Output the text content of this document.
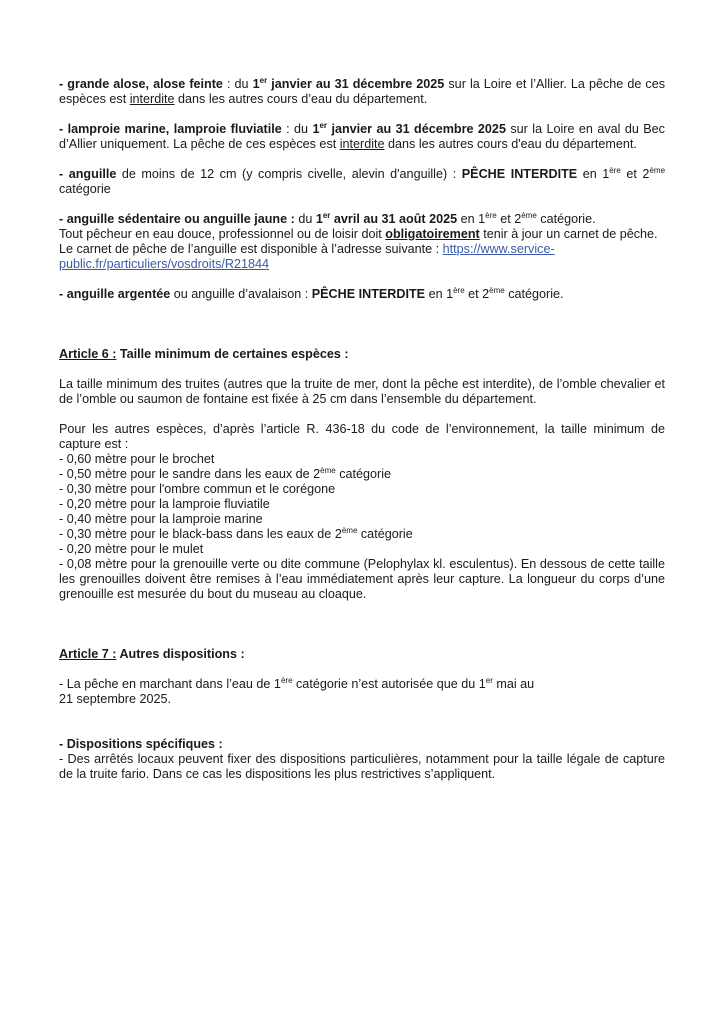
- grande alose, alose feinte : du 1er janvier au 31 décembre 2025 sur la Loire et l’Allier. La pêche de ces espèces est interdite dans les autres cours d’eau du département.

- lamproie marine, lamproie fluviatile : du 1er janvier au 31 décembre 2025 sur la Loire en aval du Bec d’Allier uniquement. La pêche de ces espèces est interdite dans les autres cours d'eau du département.

- anguille de moins de 12 cm (y compris civelle, alevin d'anguille) : PÊCHE INTERDITE en 1ère et 2ème catégorie

- anguille sédentaire ou anguille jaune : du 1er avril au 31 août 2025 en 1ère et 2ème catégorie.

Tout pêcheur en eau douce, professionnel ou de loisir doit obligatoirement tenir à jour un carnet de pêche.

Le carnet de pêche de l’anguille est disponible à l’adresse suivante : https://www.service-public.fr/particuliers/vosdroits/R21844

- anguille argentée ou anguille d’avalaison : PÊCHE INTERDITE en 1ère et 2ème catégorie.

Article 6 : Taille minimum de certaines espèces :

La taille minimum des truites (autres que la truite de mer, dont la pêche est interdite), de l’omble chevalier et de l’omble ou saumon de fontaine est fixée à 25 cm dans l’ensemble du département.

Pour les autres espèces, d’après l’article R. 436-18 du code de l’environnement, la taille minimum de capture est :

- 0,60 mètre pour le brochet

- 0,50 mètre pour le sandre dans les eaux de 2ème catégorie

- 0,30 mètre pour l'ombre commun et le corégone

- 0,20 mètre pour la lamproie fluviatile

- 0,40 mètre pour la lamproie marine

- 0,30 mètre pour le black-bass dans les eaux de 2ème catégorie

- 0,20 mètre pour le mulet

- 0,08 mètre pour la grenouille verte ou dite commune (Pelophylax kl. esculentus). En dessous de cette taille les grenouilles doivent être remises à l’eau immédiatement après leur capture. La longueur du corps d’une grenouille est mesurée du bout du museau au cloaque.

Article 7 : Autres dispositions :

- La pêche en marchant dans l’eau de 1ère catégorie n’est autorisée que du 1er mai au

21 septembre 2025.

- Dispositions spécifiques :

- Des arrêtés locaux peuvent fixer des dispositions particulières, notamment pour la taille légale de capture de la truite fario. Dans ce cas les dispositions les plus restrictives s’appliquent.
